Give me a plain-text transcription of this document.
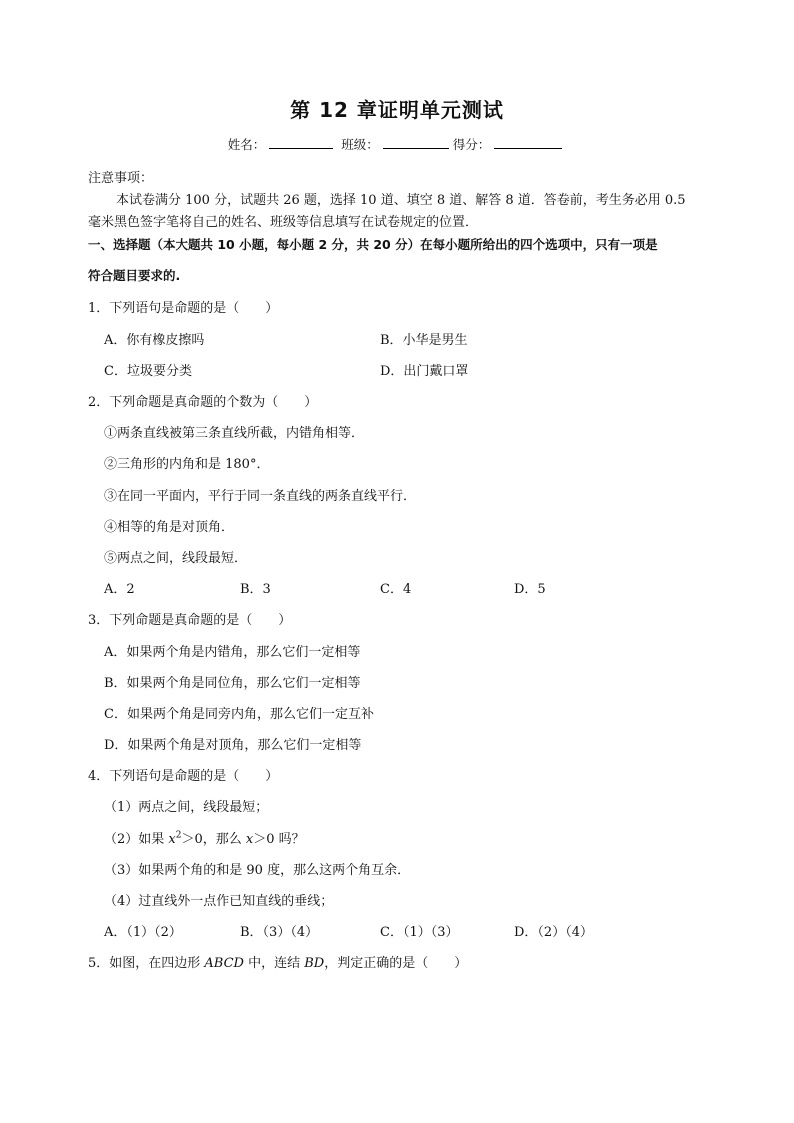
第 12 章证明单元测试
姓名：	班级：	得分：
注意事项：
本试卷满分 100 分，试题共 26 题，选择 10 道、填空 8 道、解答 8 道．答卷前，考生务必用 0.5
毫米黑色签字笔将自己的姓名、班级等信息填写在试卷规定的位置．
一、选择题（本大题共 10 小题，每小题 2 分，共 20 分）在每小题所给出的四个选项中，只有一项是
符合题目要求的.
1．下列语句是命题的是（　　）
A．你有橡皮擦吗	B．小华是男生
C．垃圾要分类	D．出门戴口罩
2．下列命题是真命题的个数为（　　）
①两条直线被第三条直线所截，内错角相等．
②三角形的内角和是 180°．
③在同一平面内，平行于同一条直线的两条直线平行．
④相等的角是对顶角．
⑤两点之间，线段最短．
A．2	B．3	C．4	D．5
3．下列命题是真命题的是（　　）
A．如果两个角是内错角，那么它们一定相等
B．如果两个角是同位角，那么它们一定相等
C．如果两个角是同旁内角，那么它们一定互补
D．如果两个角是对顶角，那么它们一定相等
4．下列语句是命题的是（　　）
（1）两点之间，线段最短；
（2）如果 $x^2>0$，那么 x＞0 吗？
（3）如果两个角的和是 90 度，那么这两个角互余．
（4）过直线外一点作已知直线的垂线；
A．（1）（2）	B．（3）（4）	C．（1）（3）	D．（2）（4）
5．如图，在四边形 ABCD 中，连结 BD，判定正确的是（　　）
